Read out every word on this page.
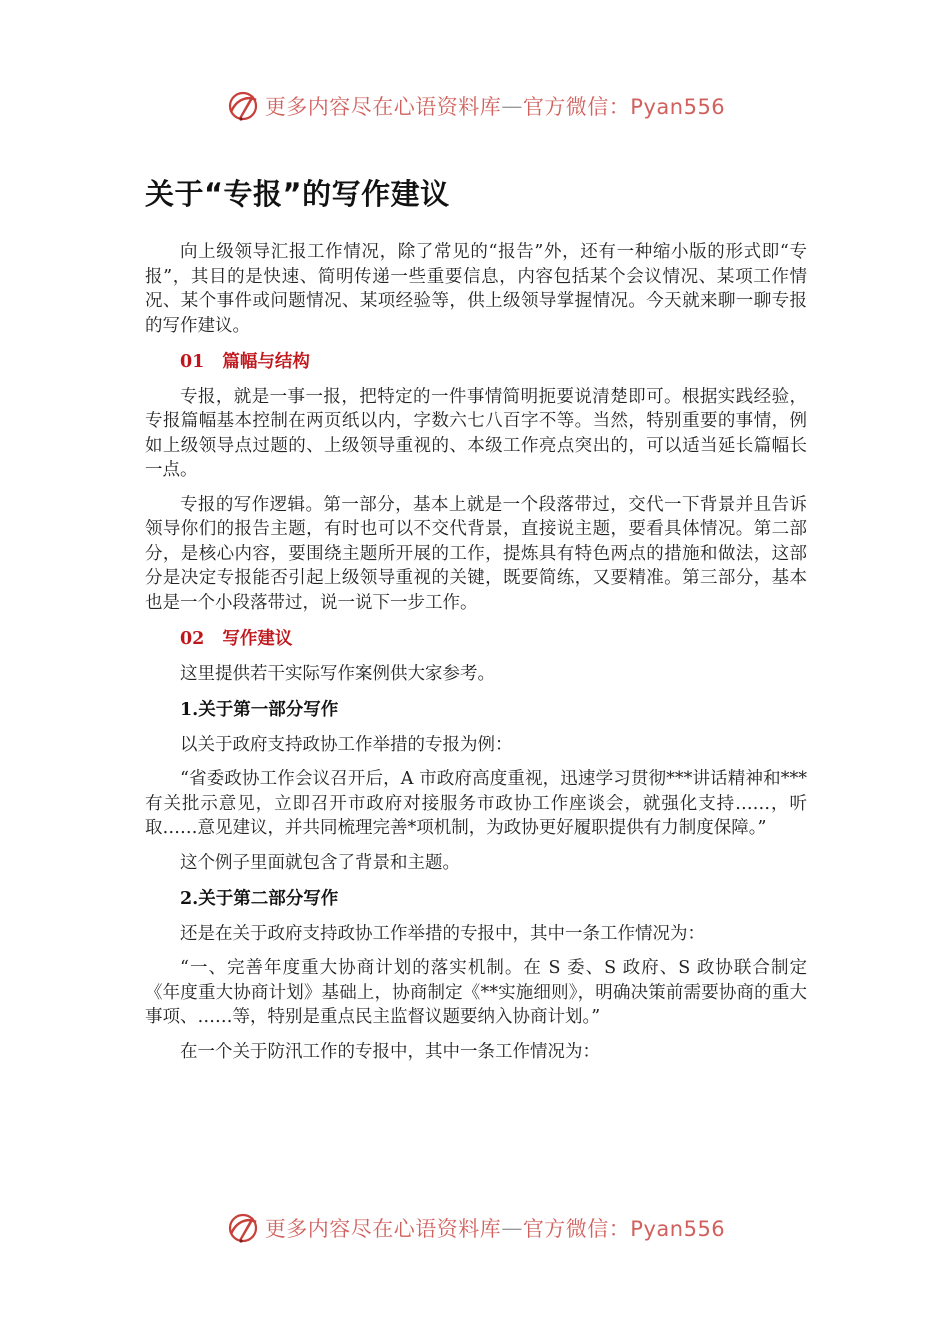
更多内容尽在心语资料库 — 官方微信：Pyan556
关于“专报”的写作建议

向上级领导汇报工作情况，除了常见的“报告”外，还有一种缩小版的形式即“专报”，其目的是快速、简明传递一些重要信息，内容包括某个会议情况、某项工作情况、某个事件或问题情况、某项经验等，供上级领导掌握情况。今天就来聊一聊专报的写作建议。

01 篇幅与结构

专报，就是一事一报，把特定的一件事情简明扼要说清楚即可。根据实践经验，专报篇幅基本控制在两页纸以内，字数六七八百字不等。当然，特别重要的事情，例如上级领导点过题的、上级领导重视的、本级工作亮点突出的，可以适当延长篇幅长一点。

专报的写作逻辑。第一部分，基本上就是一个段落带过，交代一下背景并且告诉领导你们的报告主题，有时也可以不交代背景，直接说主题，要看具体情况。第二部分，是核心内容，要围绕主题所开展的工作，提炼具有特色两点的措施和做法，这部分是决定专报能否引起上级领导重视的关键，既要简练，又要精准。第三部分，基本也是一个小段落带过，说一说下一步工作。

02 写作建议

这里提供若干实际写作案例供大家参考。

1.关于第一部分写作

以关于政府支持政协工作举措的专报为例：

“省委政协工作会议召开后，A 市政府高度重视，迅速学习贯彻***讲话精神和***有关批示意见，立即召开市政府对接服务市政协工作座谈会，就强化支持……，听取……意见建议，并共同梳理完善*项机制，为政协更好履职提供有力制度保障。”

这个例子里面就包含了背景和主题。

2.关于第二部分写作

还是在关于政府支持政协工作举措的专报中，其中一条工作情况为：

“一、完善年度重大协商计划的落实机制。在 S 委、S 政府、S 政协联合制定《年度重大协商计划》基础上，协商制定《**实施细则》，明确决策前需要协商的重大事项、……等，特别是重点民主监督议题要纳入协商计划。”

在一个关于防汛工作的专报中，其中一条工作情况为：

更多内容尽在心语资料库 — 官方微信：Pyan556
